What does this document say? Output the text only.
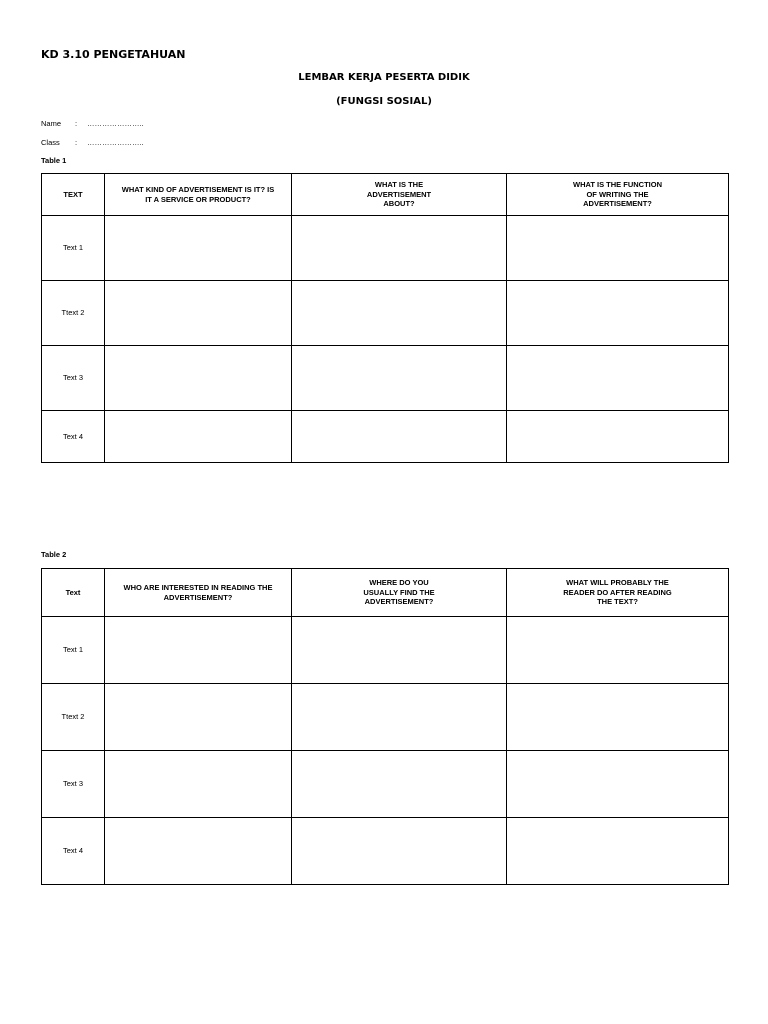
KD 3.10 PENGETAHUAN

LEMBAR KERJA PESERTA DIDIK

(FUNGSI SOSIAL)

Name	:	…………………..
Class	:	…………………..

Table 1

TEXT	WHAT KIND OF ADVERTISEMENT IS IT? IS
IT A SERVICE OR PRODUCT?	WHAT IS THE
ADVERTISEMENT
ABOUT?	WHAT IS THE FUNCTION
OF WRITING THE
ADVERTISEMENT?
Text 1			
Ttext 2			
Text 3			
Text 4			

Table 2

Text	WHO ARE INTERESTED IN READING THE
ADVERTISEMENT?	WHERE DO YOU
USUALLY FIND THE
ADVERTISEMENT?	WHAT WILL PROBABLY THE
READER DO AFTER READING
THE TEXT?
Text 1			
Ttext 2			
Text 3			
Text 4			
